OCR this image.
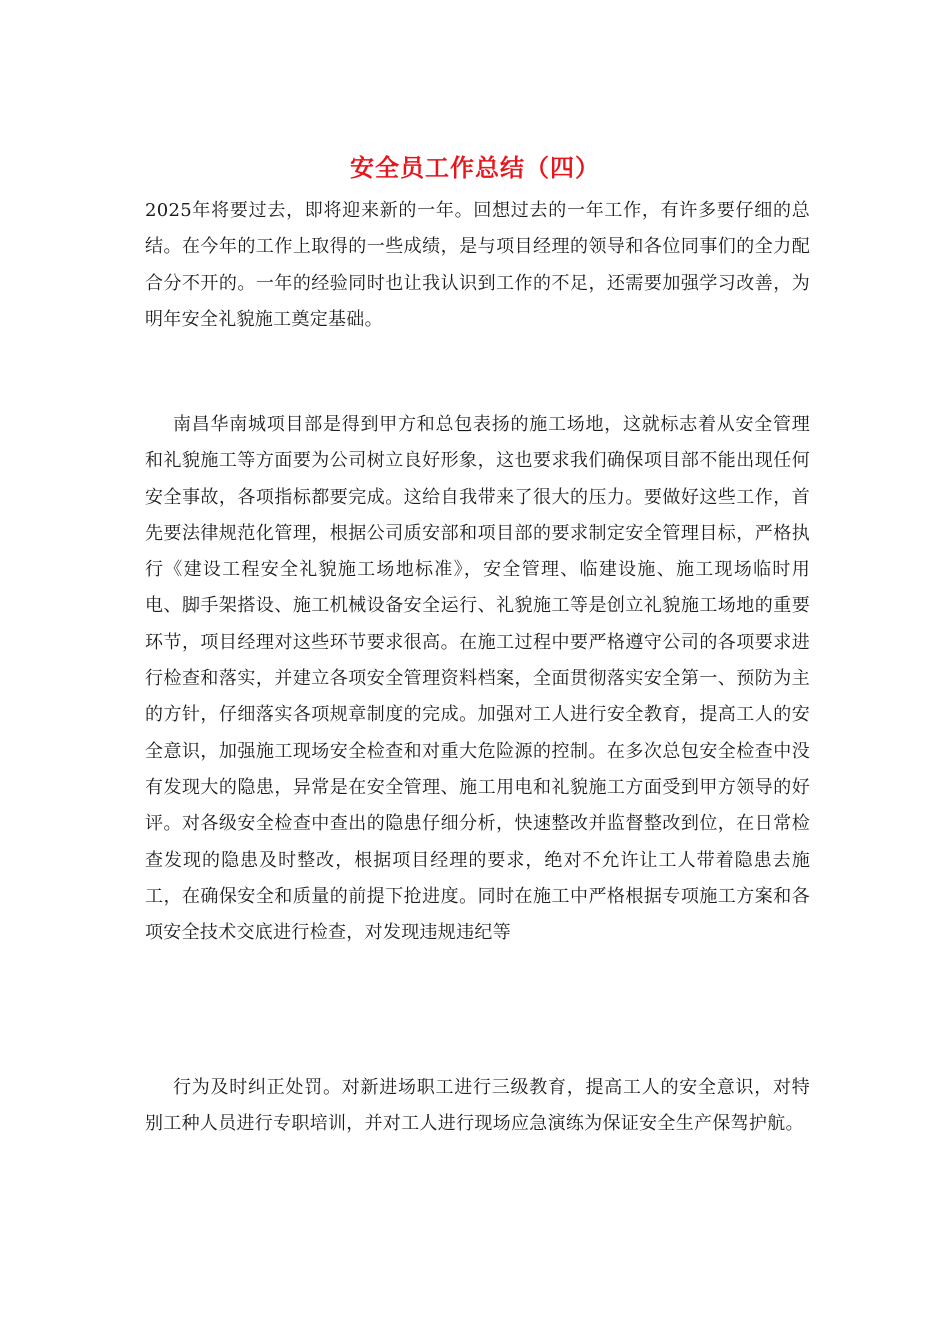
安全员工作总结（四）

2025年将要过去，即将迎来新的一年。回想过去的一年工作，有许多要仔细的总结。在今年的工作上取得的一些成绩，是与项目经理的领导和各位同事们的全力配合分不开的。一年的经验同时也让我认识到工作的不足，还需要加强学习改善，为明年安全礼貌施工奠定基础。

南昌华南城项目部是得到甲方和总包表扬的施工场地，这就标志着从安全管理和礼貌施工等方面要为公司树立良好形象，这也要求我们确保项目部不能出现任何安全事故，各项指标都要完成。这给自我带来了很大的压力。要做好这些工作，首先要法律规范化管理，根据公司质安部和项目部的要求制定安全管理目标，严格执行《建设工程安全礼貌施工场地标准》，安全管理、临建设施、施工现场临时用电、脚手架搭设、施工机械设备安全运行、礼貌施工等是创立礼貌施工场地的重要环节，项目经理对这些环节要求很高。在施工过程中要严格遵守公司的各项要求进行检查和落实，并建立各项安全管理资料档案，全面贯彻落实安全第一、预防为主的方针，仔细落实各项规章制度的完成。加强对工人进行安全教育，提高工人的安全意识，加强施工现场安全检查和对重大危险源的控制。在多次总包安全检查中没有发现大的隐患，异常是在安全管理、施工用电和礼貌施工方面受到甲方领导的好评。对各级安全检查中查出的隐患仔细分析，快速整改并监督整改到位，在日常检查发现的隐患及时整改，根据项目经理的要求，绝对不允许让工人带着隐患去施工，在确保安全和质量的前提下抢进度。同时在施工中严格根据专项施工方案和各项安全技术交底进行检查，对发现违规违纪等

行为及时纠正处罚。对新进场职工进行三级教育，提高工人的安全意识，对特别工种人员进行专职培训，并对工人进行现场应急演练为保证安全生产保驾护航。
